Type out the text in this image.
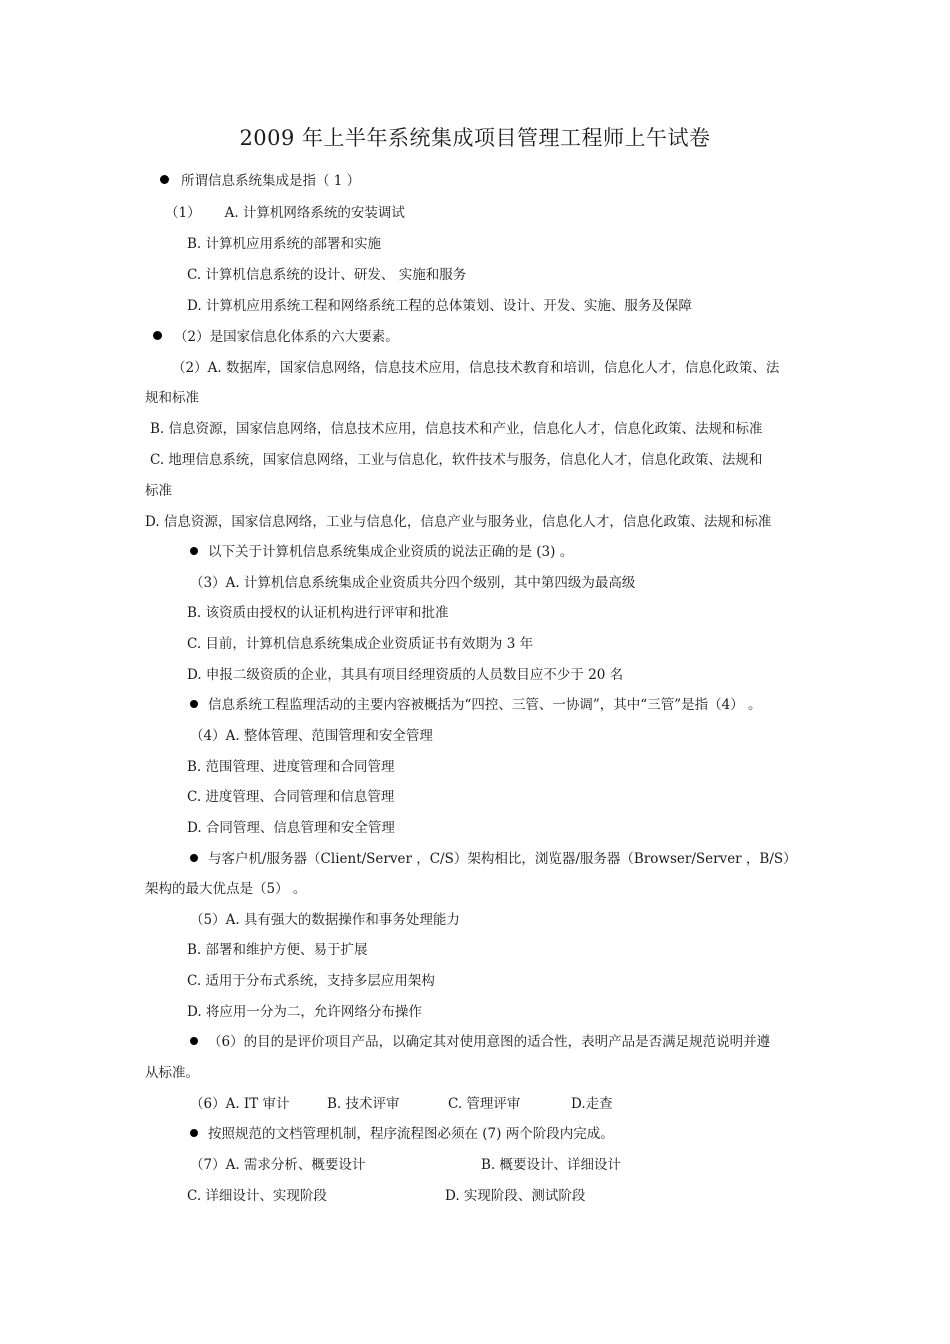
2009 年上半年系统集成项目管理工程师上午试卷
所谓信息系统集成是指（ 1 ）
（1） A. 计算机网络系统的安装调试
B. 计算机应用系统的部署和实施
C. 计算机信息系统的设计、研发、 实施和服务
D. 计算机应用系统工程和网络系统工程的总体策划、设计、开发、实施、服务及保障
（2）是国家信息化体系的六大要素。
（2）A. 数据库，国家信息网络，信息技术应用，信息技术教育和培训，信息化人才，信息化政策、法
规和标准
B. 信息资源，国家信息网络，信息技术应用，信息技术和产业，信息化人才，信息化政策、法规和标准
C. 地理信息系统，国家信息网络，工业与信息化，软件技术与服务，信息化人才，信息化政策、法规和
标准
D. 信息资源，国家信息网络，工业与信息化，信息产业与服务业，信息化人才，信息化政策、法规和标准
以下关于计算机信息系统集成企业资质的说法正确的是 (3) 。
（3）A. 计算机信息系统集成企业资质共分四个级别，其中第四级为最高级
B. 该资质由授权的认证机构进行评审和批准
C. 目前，计算机信息系统集成企业资质证书有效期为 3 年
D. 申报二级资质的企业，其具有项目经理资质的人员数目应不少于 20 名
信息系统工程监理活动的主要内容被概括为“四控、三管、一协调”，其中“三管”是指（4） 。
（4）A. 整体管理、范围管理和安全管理
B. 范围管理、进度管理和合同管理
C. 进度管理、合同管理和信息管理
D. 合同管理、信息管理和安全管理
与客户机/服务器（Client/Server ，C/S）架构相比，浏览器/服务器（Browser/Server ，B/S）
架构的最大优点是（5） 。
（5）A. 具有强大的数据操作和事务处理能力
B. 部署和维护方便、易于扩展
C. 适用于分布式系统，支持多层应用架构
D. 将应用一分为二，允许网络分布操作
（6）的目的是评价项目产品，以确定其对使用意图的适合性，表明产品是否满足规范说明并遵
从标准。
（6）A. IT 审计	B. 技术评审	C. 管理评审	D.走查
按照规范的文档管理机制，程序流程图必须在 (7) 两个阶段内完成。
（7）A. 需求分析、概要设计	B. 概要设计、详细设计
C. 详细设计、实现阶段	D. 实现阶段、测试阶段
